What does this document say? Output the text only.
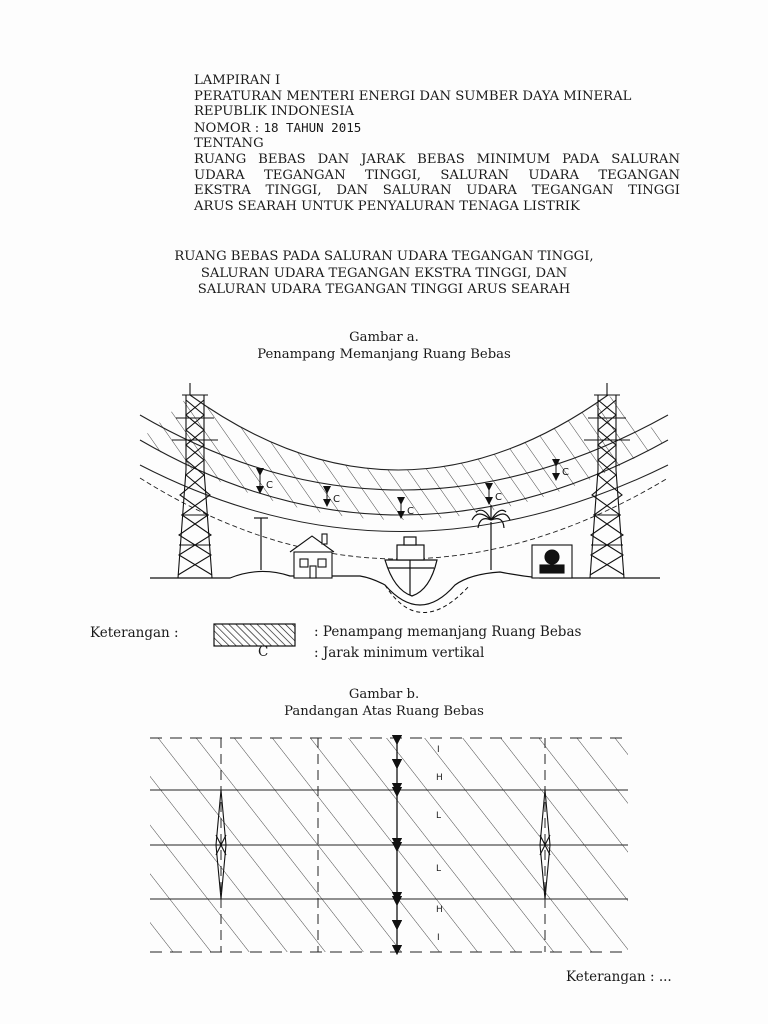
LAMPIRAN I
PERATURAN MENTERI ENERGI DAN SUMBER DAYA MINERAL
REPUBLIK INDONESIA
NOMOR : 18 TAHUN 2015
TENTANG
RUANG BEBAS DAN JARAK BEBAS MINIMUM PADA SALURAN
UDARA TEGANGAN TINGGI, SALURAN UDARA TEGANGAN
EKSTRA TINGGI, DAN SALURAN UDARA TEGANGAN TINGGI
ARUS SEARAH UNTUK PENYALURAN TENAGA LISTRIK
RUANG BEBAS PADA SALURAN UDARA TEGANGAN TINGGI,
SALURAN UDARA TEGANGAN EKSTRA TINGGI, DAN
SALURAN UDARA TEGANGAN TINGGI ARUS SEARAH
Gambar a.
Penampang Memanjang Ruang Bebas
C
C
C
C
C
I
H
L
L
H
I
Keterangan :	: Penampang memanjang Ruang Bebas
C	: Jarak minimum vertikal
Gambar b.
Pandangan Atas Ruang Bebas
Keterangan : ...
